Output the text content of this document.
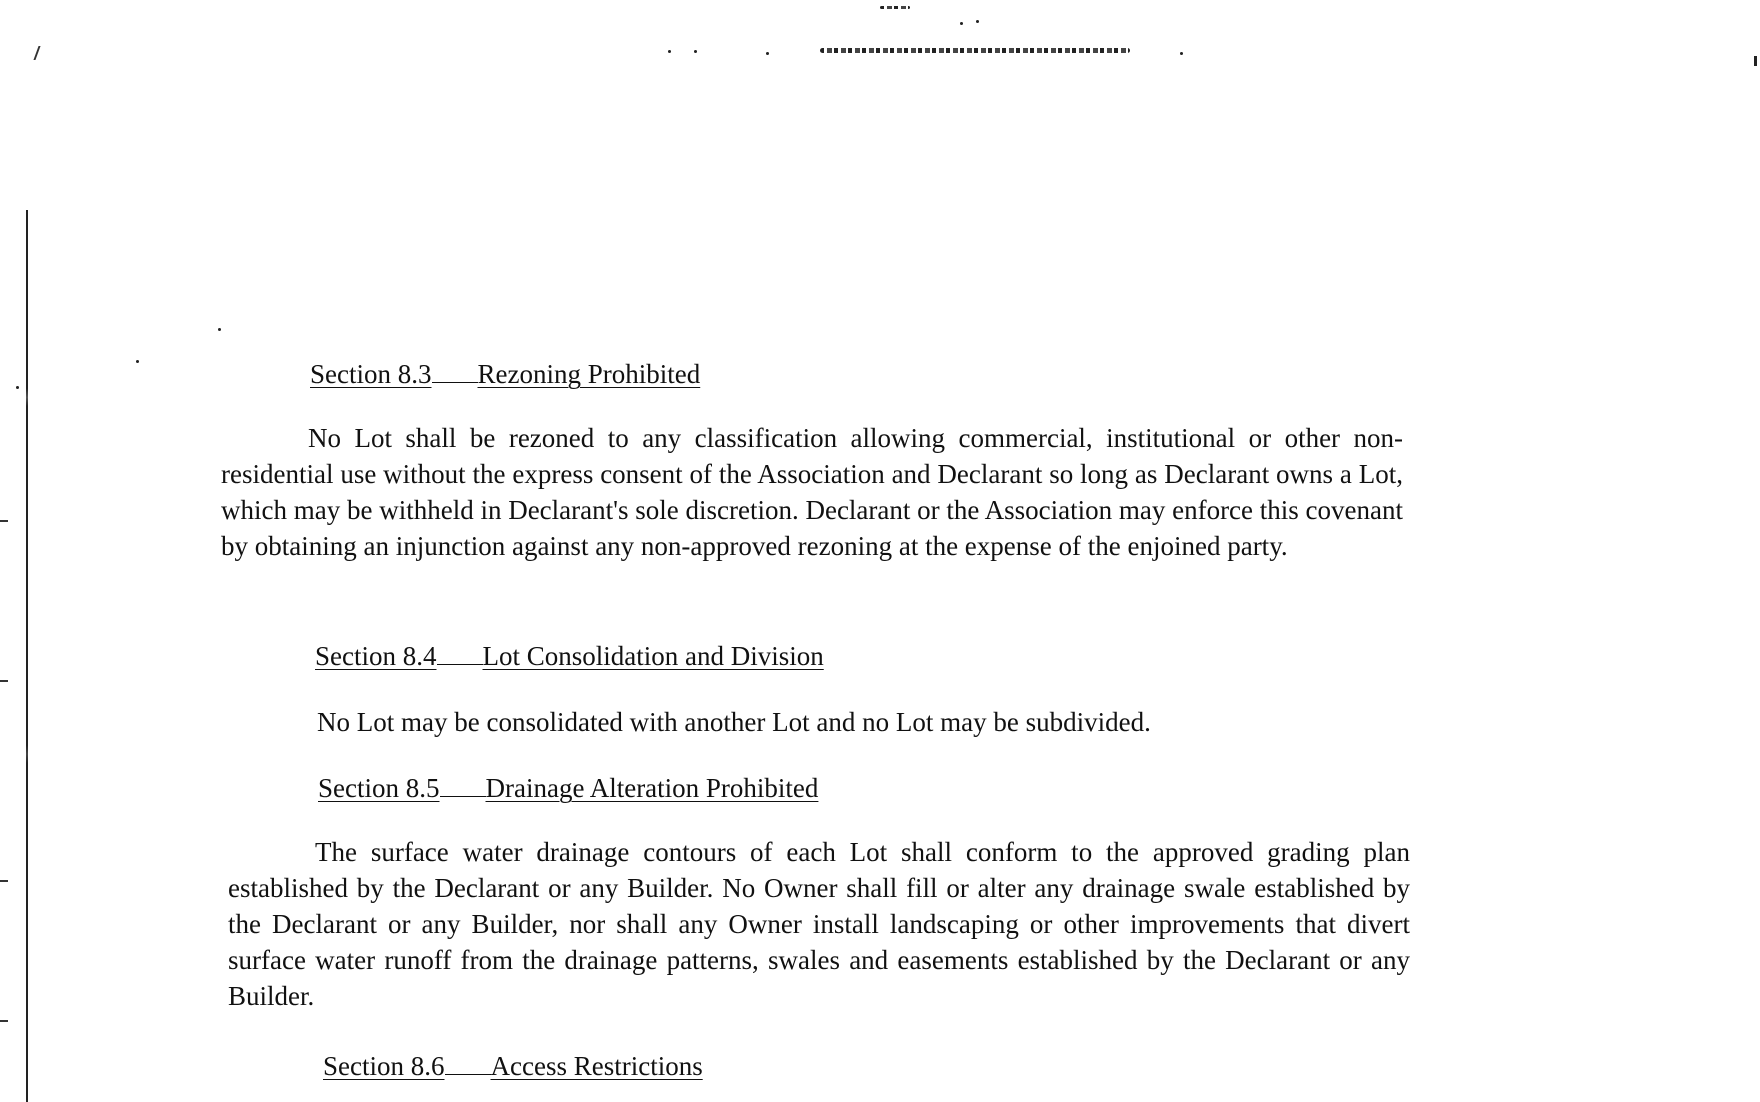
Section 8.3 Rezoning Prohibited
No Lot shall be rezoned to any classification allowing commercial, institutional or other non-residential use without the express consent of the Association and Declarant so long as Declarant owns a Lot, which may be withheld in Declarant's sole discretion. Declarant or the Association may enforce this covenant by obtaining an injunction against any non-approved rezoning at the expense of the enjoined party.
Section 8.4 Lot Consolidation and Division
No Lot may be consolidated with another Lot and no Lot may be subdivided.
Section 8.5 Drainage Alteration Prohibited
The surface water drainage contours of each Lot shall conform to the approved grading plan established by the Declarant or any Builder. No Owner shall fill or alter any drainage swale established by the Declarant or any Builder, nor shall any Owner install landscaping or other improvements that divert surface water runoff from the drainage patterns, swales and easements established by the Declarant or any Builder.
Section 8.6 Access Restrictions
